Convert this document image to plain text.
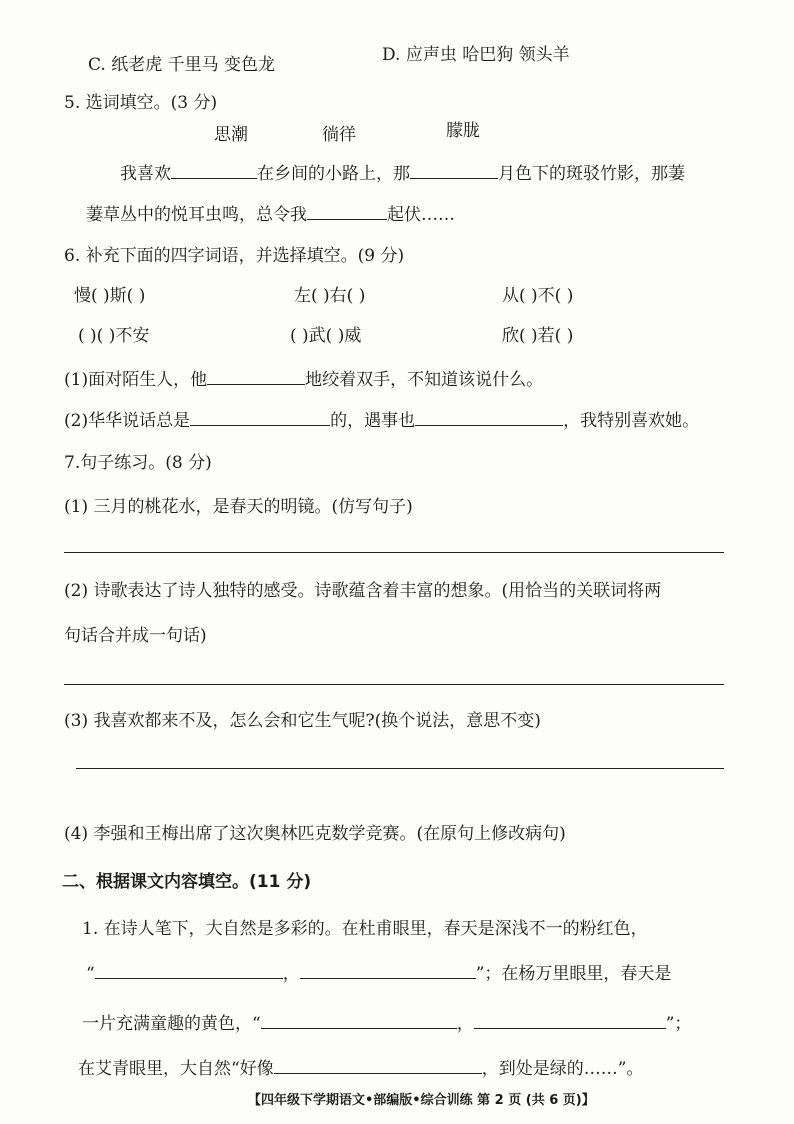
C. 纸老虎 千里马 变色龙	D. 应声虫 哈巴狗 领头羊
5. 选词填空。(3 分)
思潮	徜徉	朦胧
我喜欢	在乡间的小路上，那	月色下的斑驳竹影，那萋
萋草丛中的悦耳虫鸣，总令我	起伏……
6. 补充下面的四字词语，并选择填空。(9 分)
慢( )斯( )	左( )右( )	从( )不( )
( )( )不安	( )武( )威	欣( )若( )
(1)面对陌生人，他	地绞着双手，不知道该说什么。
(2)华华说话总是	的，遇事也	，我特别喜欢她。
7.句子练习。(8 分)
(1) 三月的桃花水，是春天的明镜。(仿写句子)
(2) 诗歌表达了诗人独特的感受。诗歌蕴含着丰富的想象。(用恰当的关联词将两
句话合并成一句话)
(3) 我喜欢都来不及，怎么会和它生气呢?(换个说法，意思不变)
(4) 李强和王梅出席了这次奥林匹克数学竞赛。(在原句上修改病句)
二、根据课文内容填空。(11 分)
1. 在诗人笔下，大自然是多彩的。在杜甫眼里，春天是深浅不一的粉红色，
“	，	”；在杨万里眼里，春天是
一片充满童趣的黄色，“	，	”；
在艾青眼里，大自然“好像	，到处是绿的……”。
【四年级下学期语文•部编版•综合训练 第 2 页 (共 6 页)】
